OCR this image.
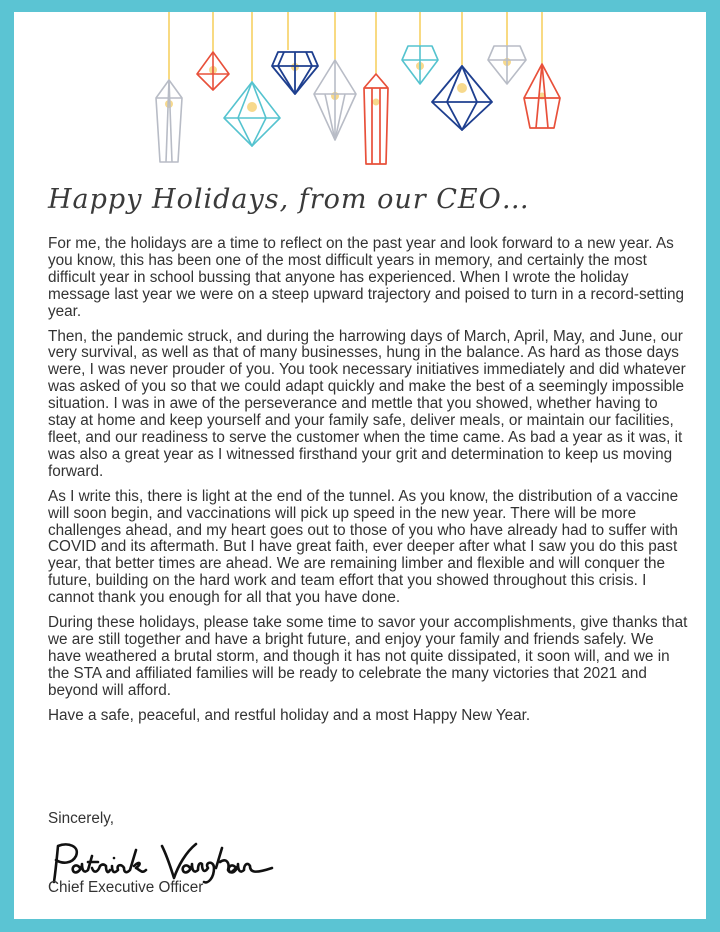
Happy Holidays, from our CEO…

For me, the holidays are a time to reflect on the past year and look forward to a new year. As you know, this has been one of the most difficult years in memory, and certainly the most difficult year in school bussing that anyone has experienced. When I wrote the holiday message last year we were on a steep upward trajectory and poised to turn in a record-setting year.

Then, the pandemic struck, and during the harrowing days of March, April, May, and June, our very survival, as well as that of many businesses, hung in the balance. As hard as those days were, I was never prouder of you. You took necessary initiatives immediately and did whatever was asked of you so that we could adapt quickly and make the best of a seemingly impossible situation. I was in awe of the perseverance and mettle that you showed, whether having to stay at home and keep yourself and your family safe, deliver meals, or maintain our facilities, fleet, and our readiness to serve the customer when the time came. As bad a year as it was, it was also a great year as I witnessed firsthand your grit and determination to keep us moving forward.

As I write this, there is light at the end of the tunnel. As you know, the distribution of a vaccine will soon begin, and vaccinations will pick up speed in the new year. There will be more challenges ahead, and my heart goes out to those of you who have already had to suffer with COVID and its aftermath. But I have great faith, ever deeper after what I saw you do this past year, that better times are ahead. We are remaining limber and flexible and will conquer the future, building on the hard work and team effort that you showed throughout this crisis. I cannot thank you enough for all that you have done.

During these holidays, please take some time to savor your accomplishments, give thanks that we are still together and have a bright future, and enjoy your family and friends safely. We have weathered a brutal storm, and though it has not quite dissipated, it soon will, and we in the STA and affiliated families will be ready to celebrate the many victories that 2021 and beyond will afford.

Have a safe, peaceful, and restful holiday and a most Happy New Year.

Sincerely,
Chief Executive Officer
